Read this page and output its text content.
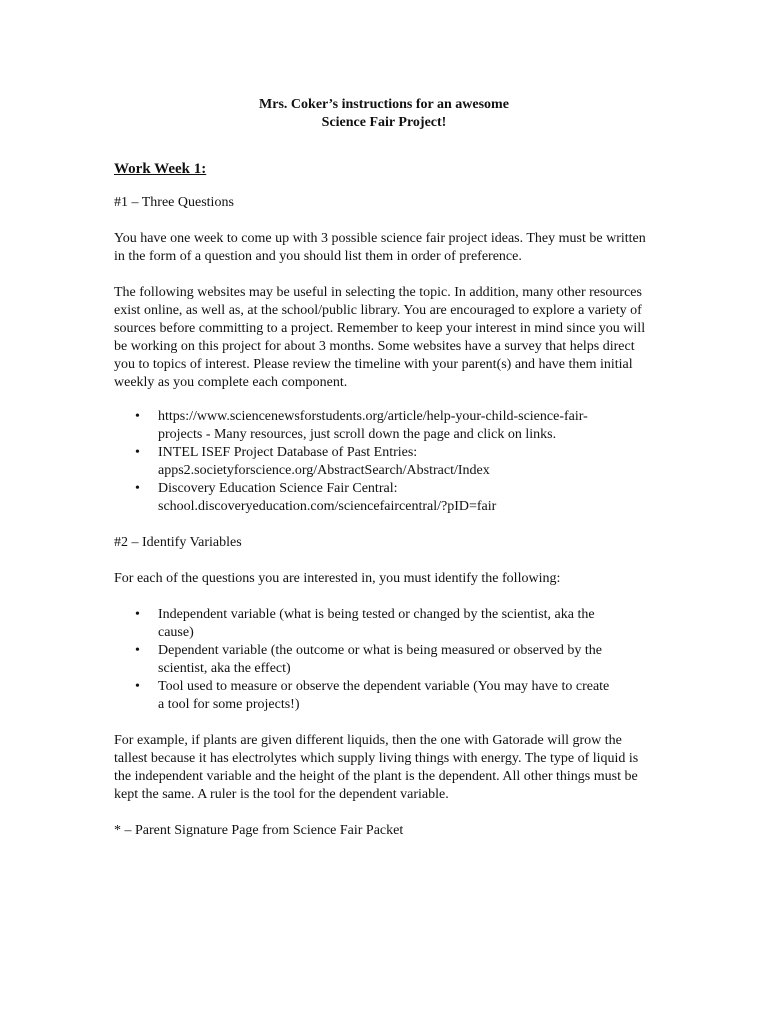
Mrs. Coker’s instructions for an awesome
Science Fair Project!
Work Week 1:
#1 – Three Questions

You have one week to come up with 3 possible science fair project ideas. They must be written in the form of a question and you should list them in order of preference.

The following websites may be useful in selecting the topic. In addition, many other resources exist online, as well as, at the school/public library. You are encouraged to explore a variety of sources before committing to a project. Remember to keep your interest in mind since you will be working on this project for about 3 months. Some websites have a survey that helps direct you to topics of interest. Please review the timeline with your parent(s) and have them initial weekly as you complete each component.

• https://www.sciencenewsforstudents.org/article/help-your-child-science-fair-
projects - Many resources, just scroll down the page and click on links.
• INTEL ISEF Project Database of Past Entries:
apps2.societyforscience.org/AbstractSearch/Abstract/Index
• Discovery Education Science Fair Central:
school.discoveryeducation.com/sciencefaircentral/?pID=fair
#2 – Identify Variables

For each of the questions you are interested in, you must identify the following:

• Independent variable (what is being tested or changed by the scientist, aka the
cause)
• Dependent variable (the outcome or what is being measured or observed by the
scientist, aka the effect)
• Tool used to measure or observe the dependent variable (You may have to create
a tool for some projects!)

For example, if plants are given different liquids, then the one with Gatorade will grow the tallest because it has electrolytes which supply living things with energy. The type of liquid is the independent variable and the height of the plant is the dependent. All other things must be kept the same. A ruler is the tool for the dependent variable.

* – Parent Signature Page from Science Fair Packet
